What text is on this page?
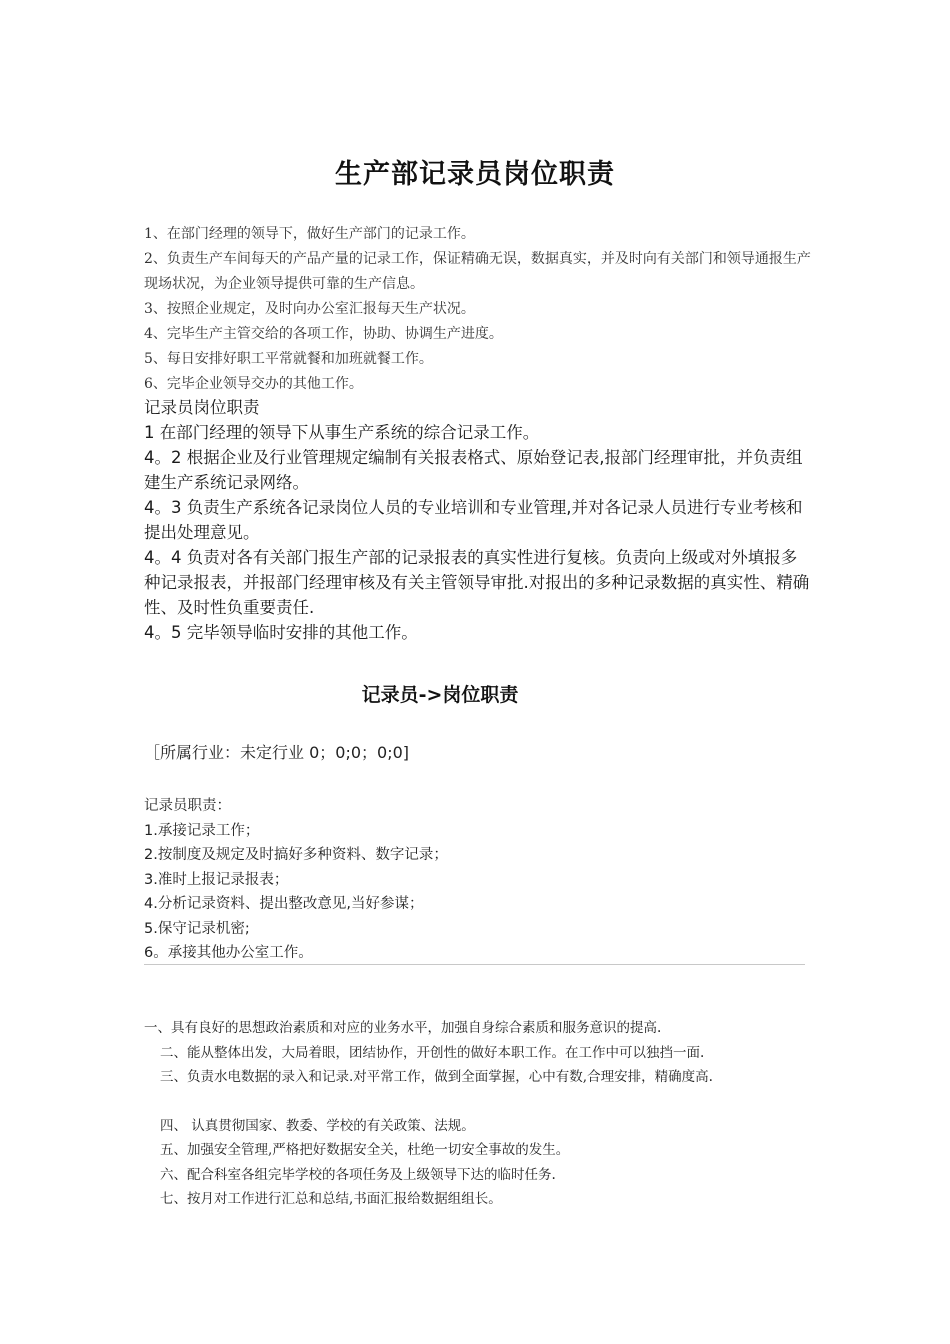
生产部记录员岗位职责

1、在部门经理的领导下，做好生产部门的记录工作。

2、负责生产车间每天的产品产量的记录工作，保证精确无误，数据真实，并及时向有关部门和领导通报生产现场状况，为企业领导提供可靠的生产信息。

3、按照企业规定，及时向办公室汇报每天生产状况。

4、完毕生产主管交给的各项工作，协助、协调生产进度。

5、每日安排好职工平常就餐和加班就餐工作。

6、完毕企业领导交办的其他工作。

记录员岗位职责

1 在部门经理的领导下从事生产系统的综合记录工作。

4。2 根据企业及行业管理规定编制有关报表格式、原始登记表,报部门经理审批，并负责组建生产系统记录网络。

4。3 负责生产系统各记录岗位人员的专业培训和专业管理,并对各记录人员进行专业考核和提出处理意见。

4。4 负责对各有关部门报生产部的记录报表的真实性进行复核。负责向上级或对外填报多种记录报表，并报部门经理审核及有关主管领导审批.对报出的多种记录数据的真实性、精确性、及时性负重要责任.

4。5 完毕领导临时安排的其他工作。

记录员->岗位职责
［所属行业：未定行业 0；0;0；0;0]

记录员职责：

1.承接记录工作；

2.按制度及规定及时搞好多种资料、数字记录；

3.准时上报记录报表；

4.分析记录资料、提出整改意见,当好参谋；

5.保守记录机密;

6。承接其他办公室工作。

一、具有良好的思想政治素质和对应的业务水平，加强自身综合素质和服务意识的提高.

二、能从整体出发，大局着眼，团结协作，开创性的做好本职工作。在工作中可以独挡一面.

三、负责水电数据的录入和记录.对平常工作，做到全面掌握，心中有数,合理安排，精确度高.

四、 认真贯彻国家、教委、学校的有关政策、法规。

五、加强安全管理,严格把好数据安全关，杜绝一切安全事故的发生。

六、配合科室各组完毕学校的各项任务及上级领导下达的临时任务.

七、按月对工作进行汇总和总结,书面汇报给数据组组长。
